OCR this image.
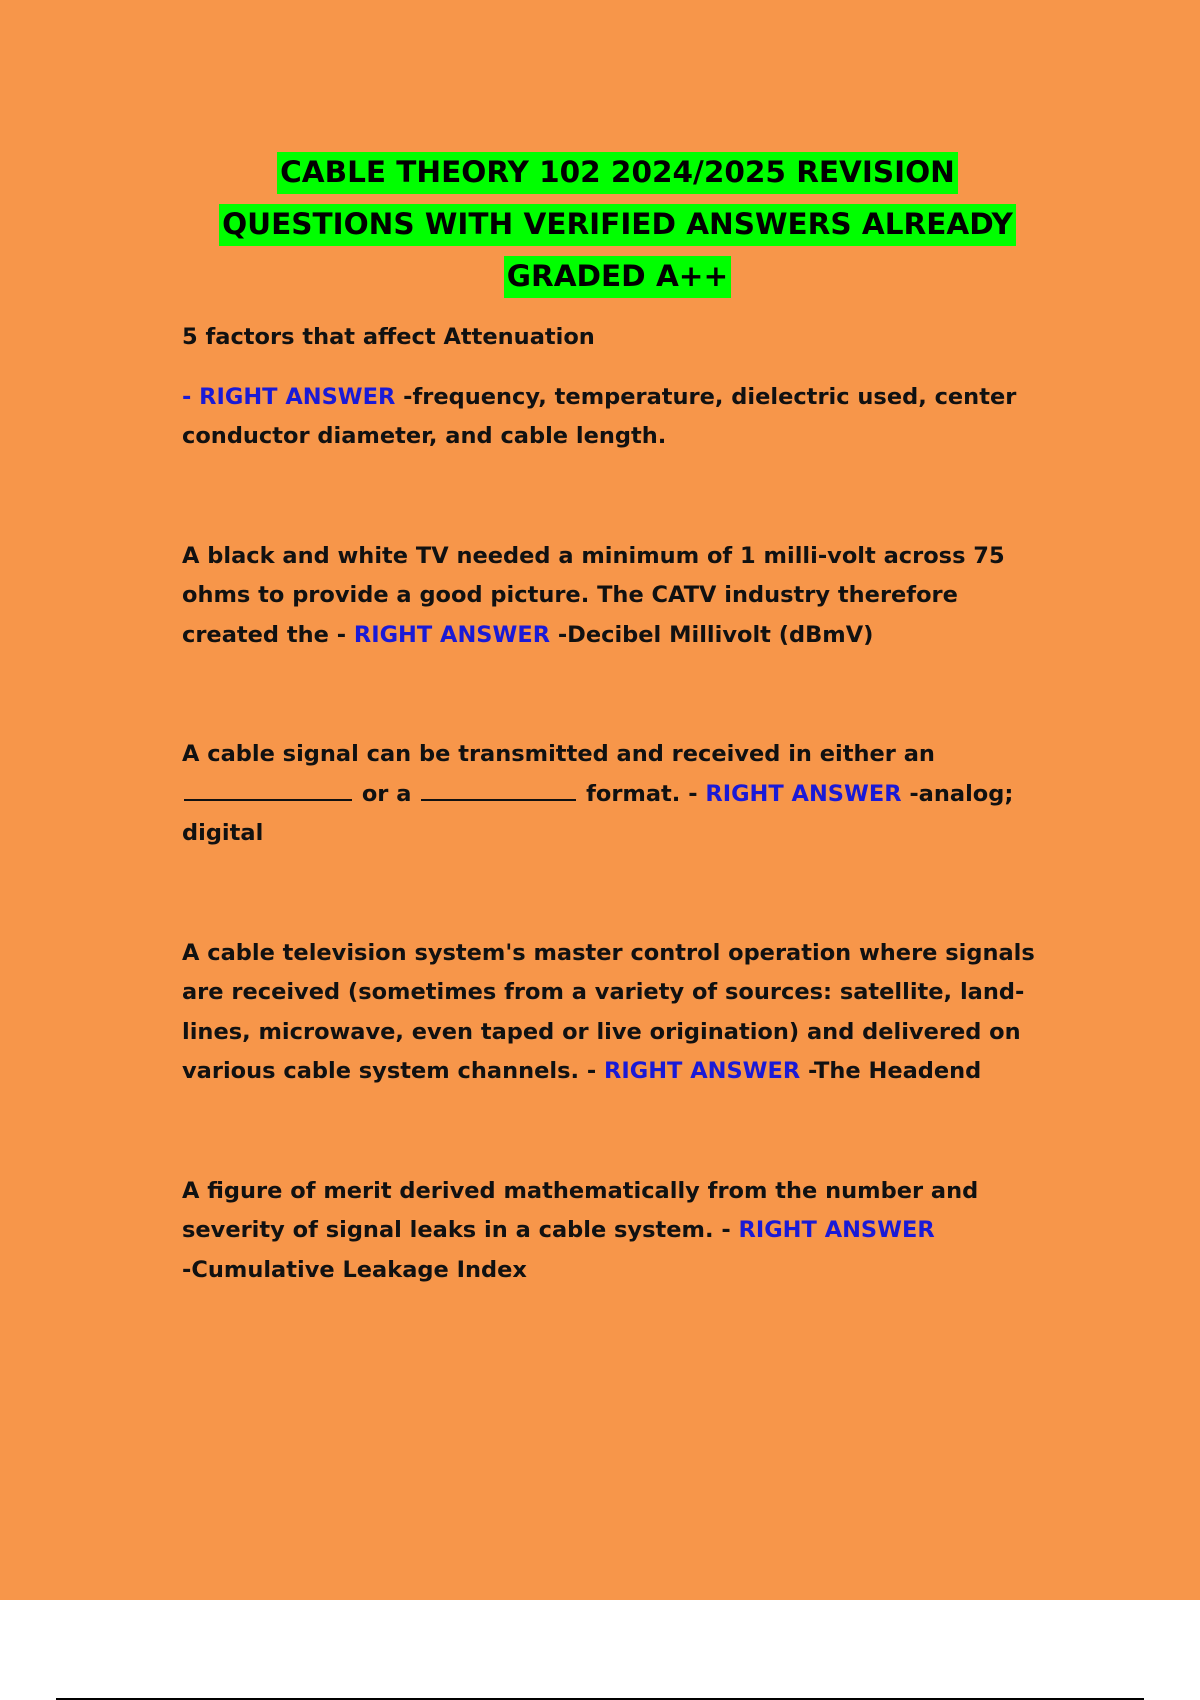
CABLE THEORY 102 2024/2025 REVISION
QUESTIONS WITH VERIFIED ANSWERS ALREADY
GRADED A++

5 factors that affect Attenuation

- RIGHT ANSWER -frequency, temperature, dielectric used, center conductor diameter, and cable length.

A black and white TV needed a minimum of 1 milli-volt across 75 ohms to provide a good picture. The CATV industry therefore created the - RIGHT ANSWER -Decibel Millivolt (dBmV)

A cable signal can be transmitted and received in either an  or a	format. - RIGHT ANSWER -analog; digital

A cable television system's master control operation where signals are received (sometimes from a variety of sources: satellite, land-lines, microwave, even taped or live origination) and delivered on various cable system channels. - RIGHT ANSWER -The Headend

A figure of merit derived mathematically from the number and severity of signal leaks in a cable system. - RIGHT ANSWER
-Cumulative Leakage Index
